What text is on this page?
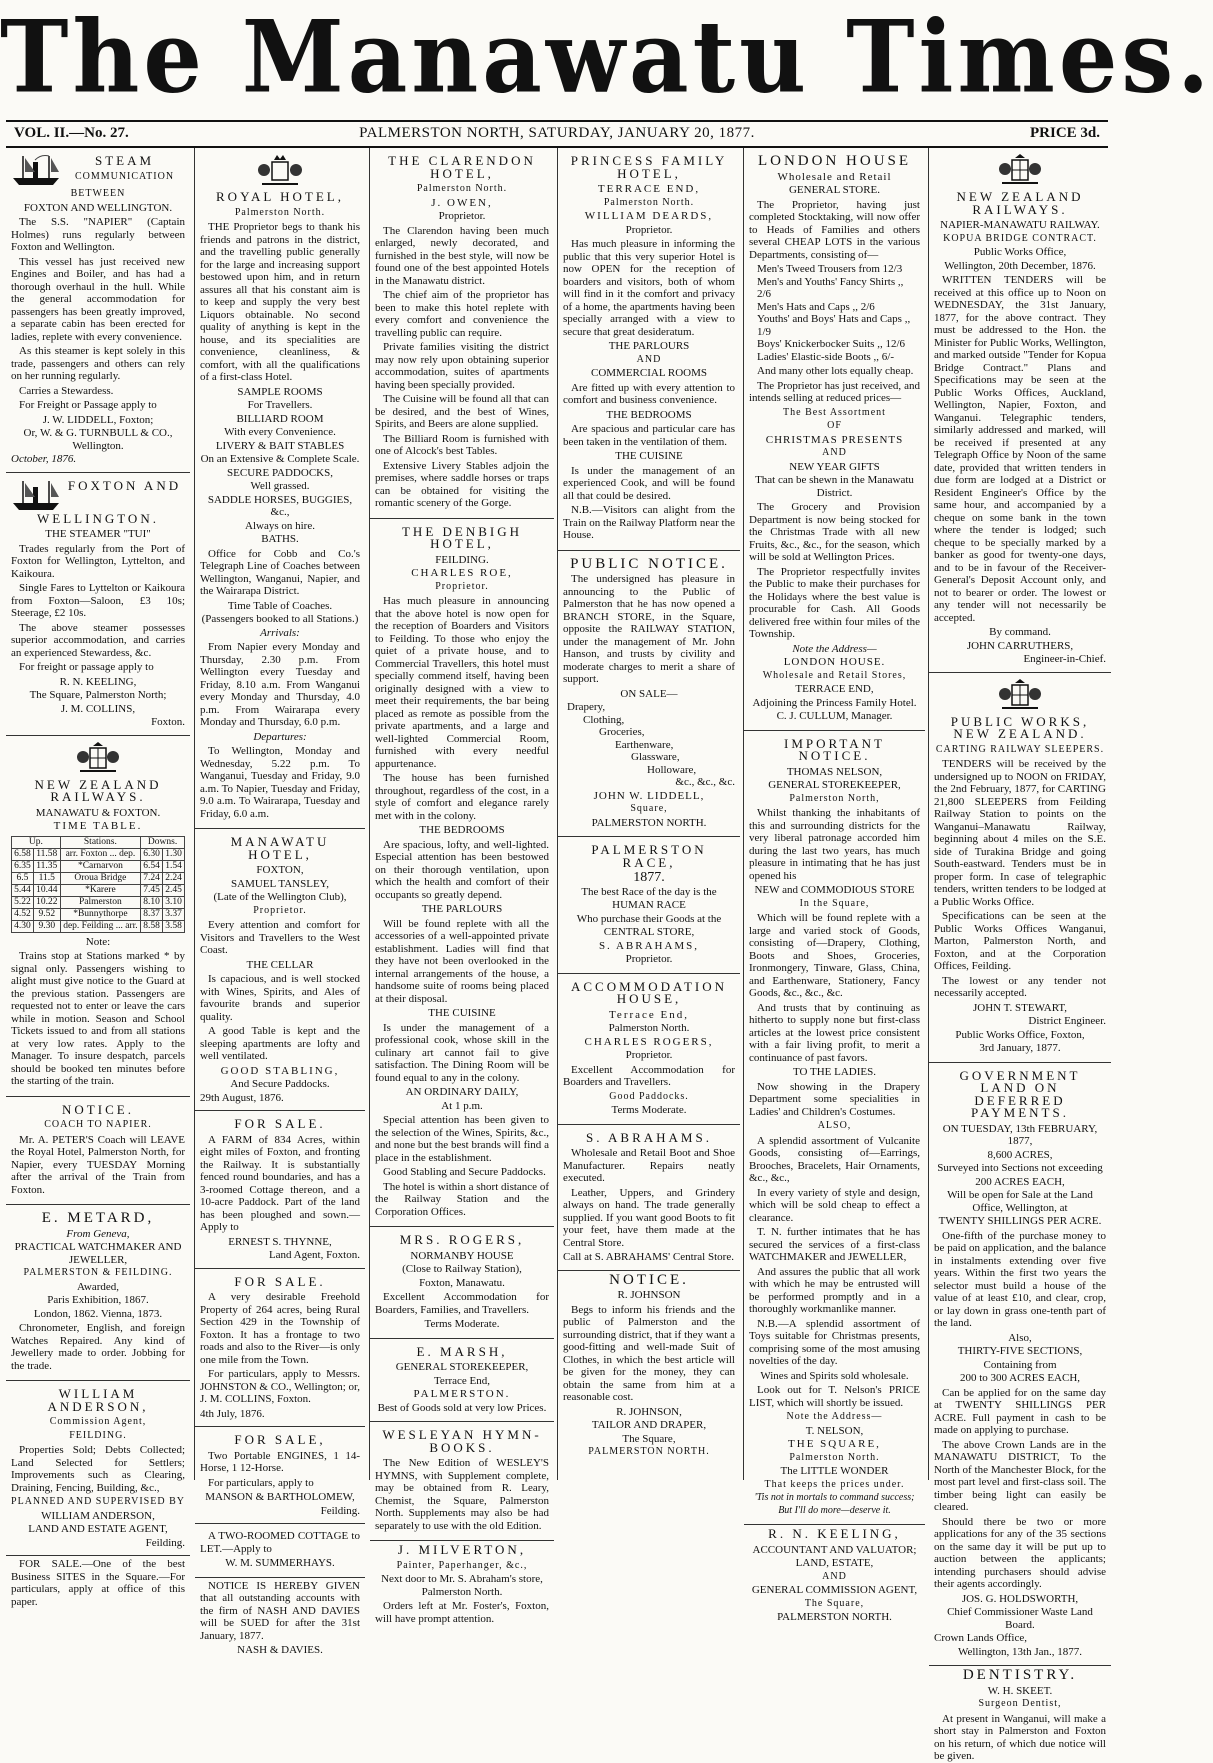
The Manawatu Times.
VOL. II.—No. 27.	PALMERSTON NORTH, SATURDAY, JANUARY 20, 1877.	PRICE 3d.
STEAM
COMMUNICATION
BETWEEN
FOXTON AND WELLINGTON.

The S.S. "NAPIER" (Captain Holmes) runs regularly between Foxton and Wellington.

This vessel has just received new Engines and Boiler, and has had a thorough overhaul in the hull. While the general accommodation for passengers has been greatly improved, a separate cabin has been erected for ladies, replete with every convenience.

As this steamer is kept solely in this trade, passengers and others can rely on her running regularly.

Carries a Stewardess.

For Freight or Passage apply to

J. W. LIDDELL, Foxton;
Or, W. & G. TURNBULL & CO., Wellington.
October, 1876.
FOXTON AND WELLINGTON.
THE STEAMER "TUI"

Trades regularly from the Port of Foxton for Wellington, Lyttelton, and Kaikoura.

Single Fares to Lyttelton or Kaikoura from Foxton—Saloon, £3 10s; Steerage, £2 10s.

The above steamer possesses superior accommodation, and carries an experienced Stewardess, &c.

For freight or passage apply to

R. N. KEELING,
The Square, Palmerston North;
J. M. COLLINS,
Foxton.
NEW ZEALAND RAILWAYS.
MANAWATU & FOXTON.
TIME TABLE.
Up.		Stations.	Downs.	
6.58	11.58	arr. Foxton ... dep.	6.30	1.30
6.35	11.35	*Carnarvon	6.54	1.54
6.5	11.5	Oroua Bridge	7.24	2.24
5.44	10.44	*Karere	7.45	2.45
5.22	10.22	Palmerston	8.10	3.10
4.52	9.52	*Bunnythorpe	8.37	3.37
4.30	9.30	dep. Feilding ... arr.	8.58	3.58
Note:

Trains stop at Stations marked * by signal only. Passengers wishing to alight must give notice to the Guard at the previous station. Passengers are requested not to enter or leave the cars while in motion. Season and School Tickets issued to and from all stations at very low rates. Apply to the Manager. To insure despatch, parcels should be booked ten minutes before the starting of the train.

NOTICE.
COACH TO NAPIER.

Mr. A. PETER'S Coach will LEAVE the Royal Hotel, Palmerston North, for Napier, every TUESDAY Morning after the arrival of the Train from Foxton.

E. METARD,
From Geneva,
PRACTICAL WATCHMAKER AND JEWELLER,
PALMERSTON & FEILDING.
Awarded,
Paris Exhibition, 1867.
London, 1862. Vienna, 1873.

Chronometer, English, and foreign Watches Repaired. Any kind of Jewellery made to order. Jobbing for the trade.

WILLIAM ANDERSON,
Commission Agent,
FEILDING.

Properties Sold; Debts Collected; Land Selected for Settlers; Improvements such as Clearing, Draining, Fencing, Building, &c.,

PLANNED AND SUPERVISED BY
WILLIAM ANDERSON,
LAND AND ESTATE AGENT,
Feilding.

FOR SALE.—One of the best Business SITES in the Square.—For particulars, apply at office of this paper.

ROYAL HOTEL,
Palmerston North.

THE Proprietor begs to thank his friends and patrons in the district, and the travelling public generally for the large and increasing support bestowed upon him, and in return assures all that his constant aim is to keep and supply the very best Liquors obtainable. No second quality of anything is kept in the house, and its specialities are convenience, cleanliness, & comfort, with all the qualifications of a first-class Hotel.

SAMPLE ROOMS
For Travellers.
BILLIARD ROOM
With every Convenience.
LIVERY & BAIT STABLES
On an Extensive & Complete Scale.
SECURE PADDOCKS,
Well grassed.
SADDLE HORSES, BUGGIES, &c.,
Always on hire.
BATHS.

Office for Cobb and Co.'s Telegraph Line of Coaches between Wellington, Wanganui, Napier, and the Wairarapa District.

Time Table of Coaches.
(Passengers booked to all Stations.)
Arrivals:

From Napier every Monday and Thursday, 2.30 p.m. From Wellington every Tuesday and Friday, 8.10 a.m. From Wanganui every Monday and Thursday, 4.0 p.m. From Wairarapa every Monday and Thursday, 6.0 p.m.

Departures:

To Wellington, Monday and Wednesday, 5.22 p.m. To Wanganui, Tuesday and Friday, 9.0 a.m. To Napier, Tuesday and Friday, 9.0 a.m. To Wairarapa, Tuesday and Friday, 6.0 a.m.

MANAWATU HOTEL,
FOXTON,
SAMUEL TANSLEY,
(Late of the Wellington Club),
Proprietor.

Every attention and comfort for Visitors and Travellers to the West Coast.

THE CELLAR

Is capacious, and is well stocked with Wines, Spirits, and Ales of favourite brands and superior quality.

A good Table is kept and the sleeping apartments are lofty and well ventilated.

GOOD STABLING,
And Secure Paddocks.
29th August, 1876.
FOR SALE.

A FARM of 834 Acres, within eight miles of Foxton, and fronting the Railway. It is substantially fenced round boundaries, and has a 3-roomed Cottage thereon, and a 10-acre Paddock. Part of the land has been ploughed and sown.—Apply to

ERNEST S. THYNNE,
Land Agent, Foxton.
FOR SALE.

A very desirable Freehold Property of 264 acres, being Rural Section 429 in the Township of Foxton. It has a frontage to two roads and also to the River—is only one mile from the Town.

For particulars, apply to Messrs. JOHNSTON & CO., Wellington; or, J. M. COLLINS, Foxton.

4th July, 1876.
FOR SALE,

Two Portable ENGINES, 1 14-Horse, 1 12-Horse.

For particulars, apply to

MANSON & BARTHOLOMEW,
Feilding.

A TWO-ROOMED COTTAGE to LET.—Apply to

W. M. SUMMERHAYS.

NOTICE IS HEREBY GIVEN that all outstanding accounts with the firm of NASH AND DAVIES will be SUED for after the 31st January, 1877.

NASH & DAVIES.
THE CLARENDON HOTEL,
Palmerston North.
J. OWEN,
Proprietor.

The Clarendon having been much enlarged, newly decorated, and furnished in the best style, will now be found one of the best appointed Hotels in the Manawatu district.

The chief aim of the proprietor has been to make this hotel replete with every comfort and convenience the travelling public can require.

Private families visiting the district may now rely upon obtaining superior accommodation, suites of apartments having been specially provided.

The Cuisine will be found all that can be desired, and the best of Wines, Spirits, and Beers are alone supplied.

The Billiard Room is furnished with one of Alcock's best Tables.

Extensive Livery Stables adjoin the premises, where saddle horses or traps can be obtained for visiting the romantic scenery of the Gorge.

THE DENBIGH HOTEL,
FEILDING.
CHARLES ROE,
Proprietor.

Has much pleasure in announcing that the above hotel is now open for the reception of Boarders and Visitors to Feilding. To those who enjoy the quiet of a private house, and to Commercial Travellers, this hotel must specially commend itself, having been originally designed with a view to meet their requirements, the bar being placed as remote as possible from the private apartments, and a large and well-lighted Commercial Room, furnished with every needful appurtenance.

The house has been furnished throughout, regardless of the cost, in a style of comfort and elegance rarely met with in the colony.

THE BEDROOMS

Are spacious, lofty, and well-lighted. Especial attention has been bestowed on their thorough ventilation, upon which the health and comfort of their occupants so greatly depend.

THE PARLOURS

Will be found replete with all the accessories of a well-appointed private establishment. Ladies will find that they have not been overlooked in the internal arrangements of the house, a handsome suite of rooms being placed at their disposal.

THE CUISINE

Is under the management of a professional cook, whose skill in the culinary art cannot fail to give satisfaction. The Dining Room will be found equal to any in the colony.

AN ORDINARY DAILY,
At 1 p.m.

Special attention has been given to the selection of the Wines, Spirits, &c., and none but the best brands will find a place in the establishment.

Good Stabling and Secure Paddocks.

The hotel is within a short distance of the Railway Station and the Corporation Offices.

MRS. ROGERS,
NORMANBY HOUSE
(Close to Railway Station),
Foxton, Manawatu.

Excellent Accommodation for Boarders, Families, and Travellers.

Terms Moderate.
E. MARSH,
GENERAL STOREKEEPER,
Terrace End,
PALMERSTON.
Best of Goods sold at very low Prices.
WESLEYAN HYMN-BOOKS.

The New Edition of WESLEY'S HYMNS, with Supplement complete, may be obtained from R. Leary, Chemist, the Square, Palmerston North. Supplements may also be had separately to use with the old Edition.

J. MILVERTON,
Painter, Paperhanger, &c.,
Next door to Mr. S. Abraham's store, Palmerston North.

Orders left at Mr. Foster's, Foxton, will have prompt attention.

PRINCESS FAMILY HOTEL,
TERRACE END,
Palmerston North.
WILLIAM DEARDS,
Proprietor.

Has much pleasure in informing the public that this very superior Hotel is now OPEN for the reception of boarders and visitors, both of whom will find in it the comfort and privacy of a home, the apartments having been specially arranged with a view to secure that great desideratum.

THE PARLOURS
AND
COMMERCIAL ROOMS

Are fitted up with every attention to comfort and business convenience.

THE BEDROOMS

Are spacious and particular care has been taken in the ventilation of them.

THE CUISINE

Is under the management of an experienced Cook, and will be found all that could be desired.

N.B.—Visitors can alight from the Train on the Railway Platform near the House.

PUBLIC NOTICE.

The undersigned has pleasure in announcing to the Public of Palmerston that he has now opened a BRANCH STORE, in the Square, opposite the RAILWAY STATION, under the management of Mr. John Hanson, and trusts by civility and moderate charges to merit a share of support.

ON SALE—
Drapery,
Clothing,
Groceries,
Earthenware,
Glassware,
Holloware,
&c., &c., &c.
JOHN W. LIDDELL,
Square,
PALMERSTON NORTH.
PALMERSTON RACE,
1877.
The best Race of the day is the
HUMAN RACE
Who purchase their Goods at the
CENTRAL STORE,
S. ABRAHAMS,
Proprietor.
ACCOMMODATION HOUSE,
Terrace End,
Palmerston North.
CHARLES ROGERS,
Proprietor.

Excellent Accommodation for Boarders and Travellers.

Good Paddocks.
Terms Moderate.
S. ABRAHAMS.

Wholesale and Retail Boot and Shoe Manufacturer. Repairs neatly executed.

Leather, Uppers, and Grindery always on hand. The trade generally supplied. If you want good Boots to fit your feet, have them made at the Central Store.

Call at S. ABRAHAMS' Central Store.
NOTICE.
R. JOHNSON

Begs to inform his friends and the public of Palmerston and the surrounding district, that if they want a good-fitting and well-made Suit of Clothes, in which the best article will be given for the money, they can obtain the same from him at a reasonable cost.

R. JOHNSON,
TAILOR AND DRAPER,
The Square,
PALMERSTON NORTH.
LONDON HOUSE
Wholesale and Retail
GENERAL STORE.

The Proprietor, having just completed Stocktaking, will now offer to Heads of Families and others several CHEAP LOTS in the various Departments, consisting of—

Men's Tweed Trousers from 12/3
Men's and Youths' Fancy Shirts ,, 2/6
Men's Hats and Caps ,, 2/6
Youths' and Boys' Hats and Caps ,, 1/9
Boys' Knickerbocker Suits ,, 12/6
Ladies' Elastic-side Boots ,, 6/-

And many other lots equally cheap.

The Proprietor has just received, and intends selling at reduced prices—

The Best Assortment
OF
CHRISTMAS PRESENTS
AND
NEW YEAR GIFTS
That can be shewn in the Manawatu District.

The Grocery and Provision Department is now being stocked for the Christmas Trade with all new Fruits, &c., &c., for the season, which will be sold at Wellington Prices.

The Proprietor respectfully invites the Public to make their purchases for the Holidays where the best value is procurable for Cash. All Goods delivered free within four miles of the Township.

Note the Address—
LONDON HOUSE.
Wholesale and Retail Stores,
TERRACE END,
Adjoining the Princess Family Hotel.
C. J. CULLUM, Manager.
IMPORTANT NOTICE.
THOMAS NELSON,
GENERAL STOREKEEPER,
Palmerston North,

Whilst thanking the inhabitants of this and surrounding districts for the very liberal patronage accorded him during the last two years, has much pleasure in intimating that he has just opened his

NEW and COMMODIOUS STORE
In the Square,

Which will be found replete with a large and varied stock of Goods, consisting of—Drapery, Clothing, Boots and Shoes, Groceries, Ironmongery, Tinware, Glass, China, and Earthenware, Stationery, Fancy Goods, &c., &c., &c.

And trusts that by continuing as hitherto to supply none but first-class articles at the lowest price consistent with a fair living profit, to merit a continuance of past favors.

TO THE LADIES.

Now showing in the Drapery Department some specialities in Ladies' and Children's Costumes.

ALSO,

A splendid assortment of Vulcanite Goods, consisting of—Earrings, Brooches, Bracelets, Hair Ornaments, &c., &c.,

In every variety of style and design, which will be sold cheap to effect a clearance.

T. N. further intimates that he has secured the services of a first-class WATCHMAKER and JEWELLER,

And assures the public that all work with which he may be entrusted will be performed promptly and in a thoroughly workmanlike manner.

N.B.—A splendid assortment of Toys suitable for Christmas presents, comprising some of the most amusing novelties of the day.

Wines and Spirits sold wholesale.

Look out for T. Nelson's PRICE LIST, which will shortly be issued.

Note the Address—
T. NELSON,
THE SQUARE,
Palmerston North.
The LITTLE WONDER
That keeps the prices under.
'Tis not in mortals to command success; But I'll do more—deserve it.
R. N. KEELING,
ACCOUNTANT AND VALUATOR;
LAND, ESTATE,
AND
GENERAL COMMISSION AGENT,
The Square,
PALMERSTON NORTH.
NEW ZEALAND RAILWAYS.
NAPIER-MANAWATU RAILWAY.
KOPUA BRIDGE CONTRACT.
Public Works Office,
Wellington, 20th December, 1876.

WRITTEN TENDERS will be received at this office up to Noon on WEDNESDAY, the 31st January, 1877, for the above contract. They must be addressed to the Hon. the Minister for Public Works, Wellington, and marked outside "Tender for Kopua Bridge Contract." Plans and Specifications may be seen at the Public Works Offices, Auckland, Wellington, Napier, Foxton, and Wanganui. Telegraphic tenders, similarly addressed and marked, will be received if presented at any Telegraph Office by Noon of the same date, provided that written tenders in due form are lodged at a District or Resident Engineer's Office by the same hour, and accompanied by a cheque on some bank in the town where the tender is lodged; such cheque to be specially marked by a banker as good for twenty-one days, and to be in favour of the Receiver-General's Deposit Account only, and not to bearer or order. The lowest or any tender will not necessarily be accepted.

By command.
JOHN CARRUTHERS,
Engineer-in-Chief.
PUBLIC WORKS, NEW ZEALAND.
CARTING RAILWAY SLEEPERS.

TENDERS will be received by the undersigned up to NOON on FRIDAY, the 2nd February, 1877, for CARTING 21,800 SLEEPERS from Feilding Railway Station to points on the Wanganui–Manawatu Railway, beginning about 4 miles on the S.E. side of Turakina Bridge and going South-eastward. Tenders must be in proper form. In case of telegraphic tenders, written tenders to be lodged at a Public Works Office.

Specifications can be seen at the Public Works Offices Wanganui, Marton, Palmerston North, and Foxton, and at the Corporation Offices, Feilding.

The lowest or any tender not necessarily accepted.

JOHN T. STEWART,
District Engineer.
Public Works Office, Foxton,
3rd January, 1877.
GOVERNMENT LAND ON DEFERRED PAYMENTS.
ON TUESDAY, 13th FEBRUARY, 1877,
8,600 ACRES,
Surveyed into Sections not exceeding
200 ACRES EACH,
Will be open for Sale at the Land Office, Wellington, at
TWENTY SHILLINGS PER ACRE.

One-fifth of the purchase money to be paid on application, and the balance in instalments extending over five years. Within the first two years the selector must build a house of the value of at least £10, and clear, crop, or lay down in grass one-tenth part of the land.

Also,
THIRTY-FIVE SECTIONS,
Containing from
200 to 300 ACRES EACH,

Can be applied for on the same day at TWENTY SHILLINGS PER ACRE. Full payment in cash to be made on applying to purchase.

The above Crown Lands are in the MANAWATU DISTRICT, To the North of the Manchester Block, for the most part level and first-class soil. The timber being light can easily be cleared.

Should there be two or more applications for any of the 35 sections on the same day it will be put up to auction between the applicants; intending purchasers should advise their agents accordingly.

JOS. G. HOLDSWORTH,
Chief Commissioner Waste Land Board.
Crown Lands Office,
Wellington, 13th Jan., 1877.
DENTISTRY.
W. H. SKEET.
Surgeon Dentist,

At present in Wanganui, will make a short stay in Palmerston and Foxton on his return, of which due notice will be given.
